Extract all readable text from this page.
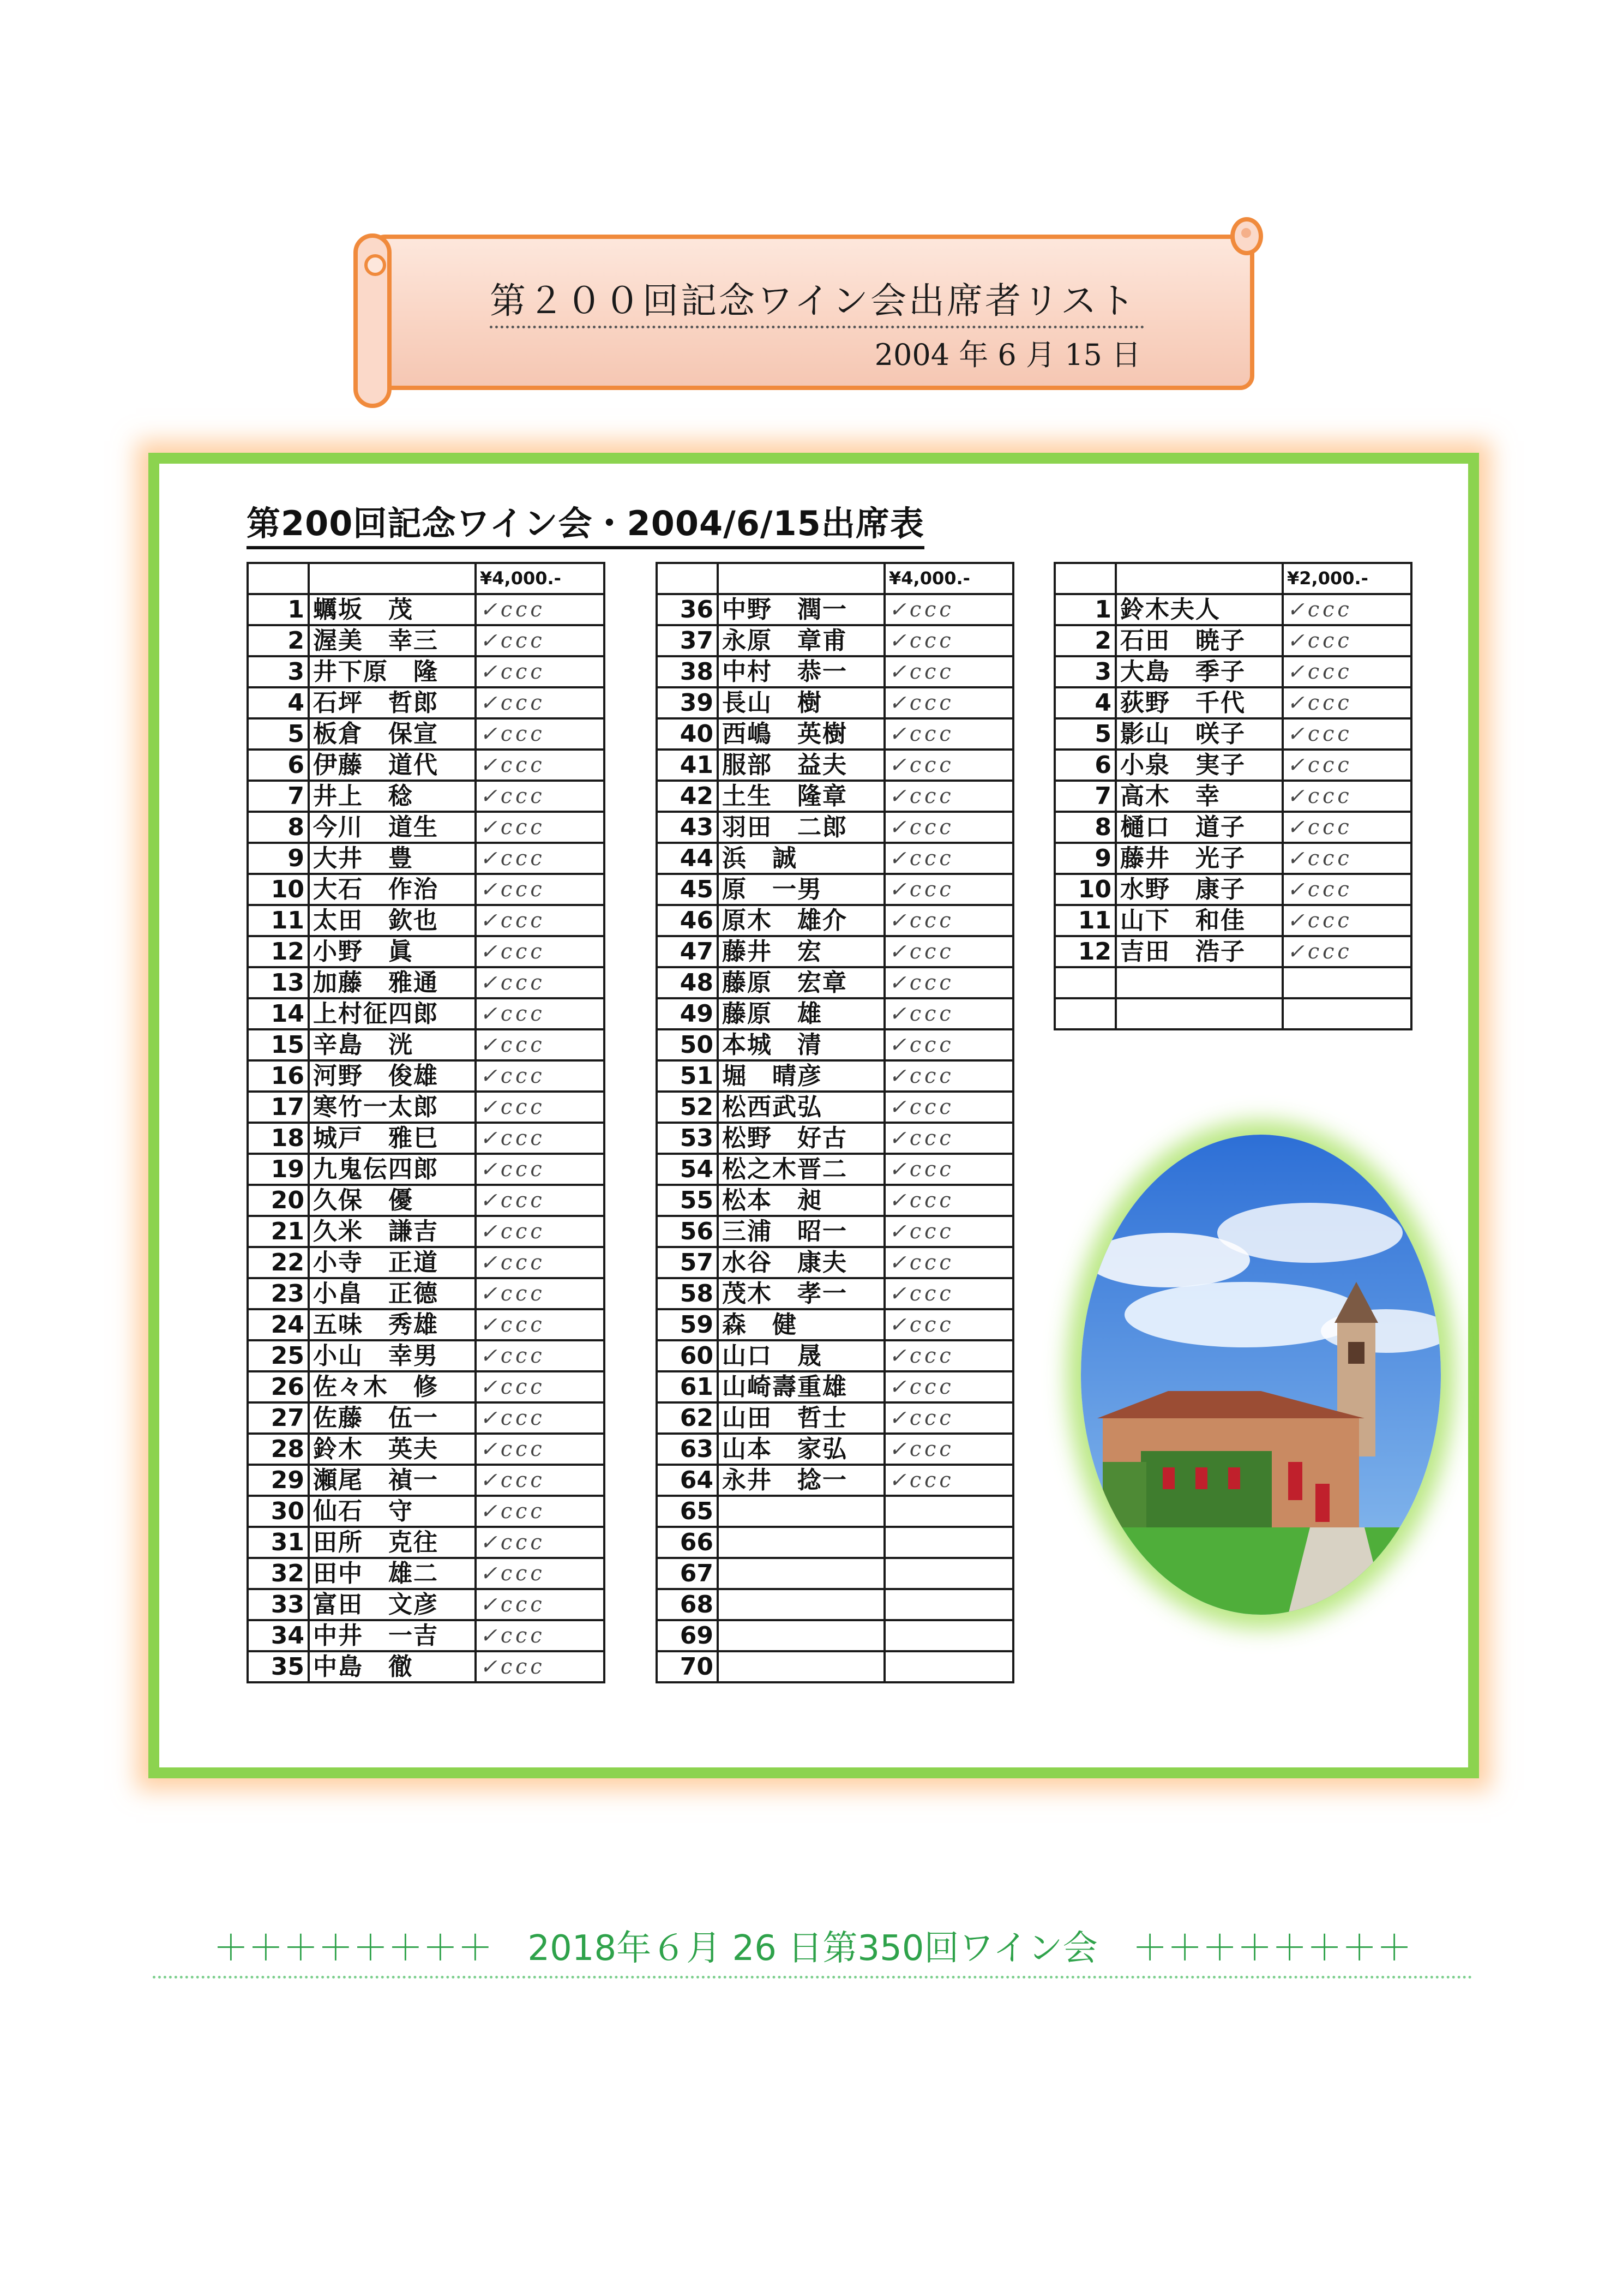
第２００回記念ワイン会出席者リスト
2004 年 6 月 15 日
第200回記念ワイン会・2004/6/15出席表
		¥4,000.-
1	蠣坂　茂	✓ccc
2	渥美　幸三	✓ccc
3	井下原　隆	✓ccc
4	石坪　哲郎	✓ccc
5	板倉　保宣	✓ccc
6	伊藤　道代	✓ccc
7	井上　稔	✓ccc
8	今川　道生	✓ccc
9	大井　豊	✓ccc
10	大石　作治	✓ccc
11	太田　欽也	✓ccc
12	小野　眞	✓ccc
13	加藤　雅通	✓ccc
14	上村征四郎	✓ccc
15	辛島　洸	✓ccc
16	河野　俊雄	✓ccc
17	寒竹一太郎	✓ccc
18	城戸　雅巳	✓ccc
19	九鬼伝四郎	✓ccc
20	久保　優	✓ccc
21	久米　謙吉	✓ccc
22	小寺　正道	✓ccc
23	小畠　正德	✓ccc
24	五味　秀雄	✓ccc
25	小山　幸男	✓ccc
26	佐々木　修	✓ccc
27	佐藤　伍一	✓ccc
28	鈴木　英夫	✓ccc
29	瀬尾　禎一	✓ccc
30	仙石　守	✓ccc
31	田所　克往	✓ccc
32	田中　雄二	✓ccc
33	富田　文彦	✓ccc
34	中井　一吉	✓ccc
35	中島　徹	✓ccc
		¥4,000.-
36	中野　潤一	✓ccc
37	永原　章甫	✓ccc
38	中村　恭一	✓ccc
39	長山　樹	✓ccc
40	西嶋　英樹	✓ccc
41	服部　益夫	✓ccc
42	土生　隆章	✓ccc
43	羽田　二郎	✓ccc
44	浜　誠	✓ccc
45	原　一男	✓ccc
46	原木　雄介	✓ccc
47	藤井　宏	✓ccc
48	藤原　宏章	✓ccc
49	藤原　雄	✓ccc
50	本城　清	✓ccc
51	堀　晴彦	✓ccc
52	松西武弘	✓ccc
53	松野　好古	✓ccc
54	松之木晋二	✓ccc
55	松本　昶	✓ccc
56	三浦　昭一	✓ccc
57	水谷　康夫	✓ccc
58	茂木　孝一	✓ccc
59	森　健	✓ccc
60	山口　晟	✓ccc
61	山崎壽重雄	✓ccc
62	山田　哲士	✓ccc
63	山本　家弘	✓ccc
64	永井　捻一	✓ccc
65		
66		
67		
68		
69		
70		
		¥2,000.-
1	鈴木夫人	✓ccc
2	石田　暁子	✓ccc
3	大島　季子	✓ccc
4	荻野　千代	✓ccc
5	影山　咲子	✓ccc
6	小泉　実子	✓ccc
7	高木　幸	✓ccc
8	樋口　道子	✓ccc
9	藤井　光子	✓ccc
10	水野　康子	✓ccc
11	山下　和佳	✓ccc
12	吉田　浩子	✓ccc

＋＋＋＋＋＋＋＋　2018年６月 26 日第350回ワイン会　＋＋＋＋＋＋＋＋
